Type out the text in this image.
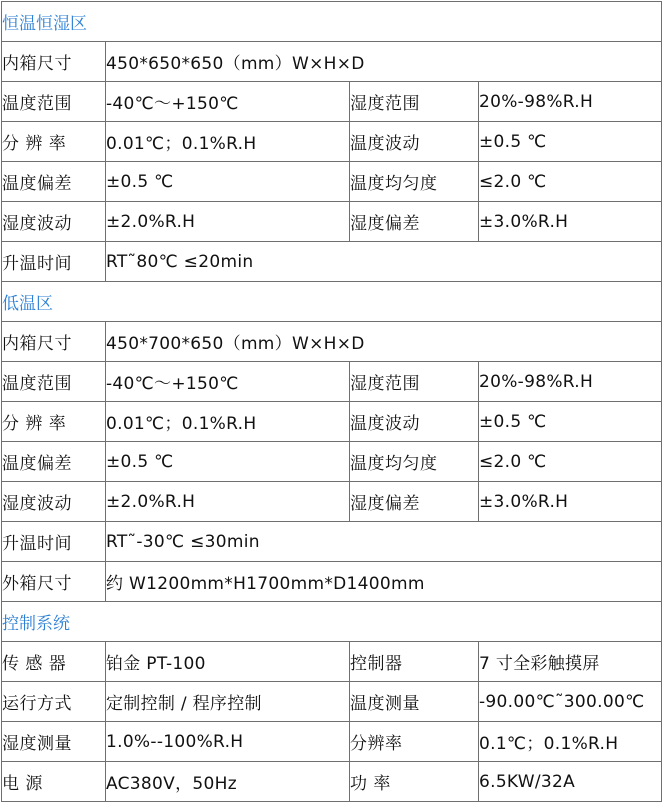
恒温恒湿区			
内箱尺寸	450*650*650（mm）W×H×D		
温度范围	-40℃～+150℃	湿度范围	20%-98%R.H
分 辨 率	0.01℃；0.1%R.H	温度波动	±0.5 ℃
温度偏差	±0.5 ℃	温度均匀度	≤2.0 ℃
湿度波动	±2.0%R.H	湿度偏差	±3.0%R.H
升温时间	RT˜80℃ ≤20min		
低温区			
内箱尺寸	450*700*650（mm）W×H×D		
温度范围	-40℃～+150℃	湿度范围	20%-98%R.H
分 辨 率	0.01℃；0.1%R.H	温度波动	±0.5 ℃
温度偏差	±0.5 ℃	温度均匀度	≤2.0 ℃
湿度波动	±2.0%R.H	湿度偏差	±3.0%R.H
升温时间	RT˜-30℃ ≤30min		
外箱尺寸	约 W1200mm*H1700mm*D1400mm		
控制系统			
传 感 器	铂金 PT-100	控制器	7 寸全彩触摸屏
运行方式	定制控制 / 程序控制	温度测量	-90.00℃˜300.00℃
湿度测量	1.0%--100%R.H	分辨率	0.1℃；0.1%R.H
电 源	AC380V，50Hz	功 率	6.5KW/32A
